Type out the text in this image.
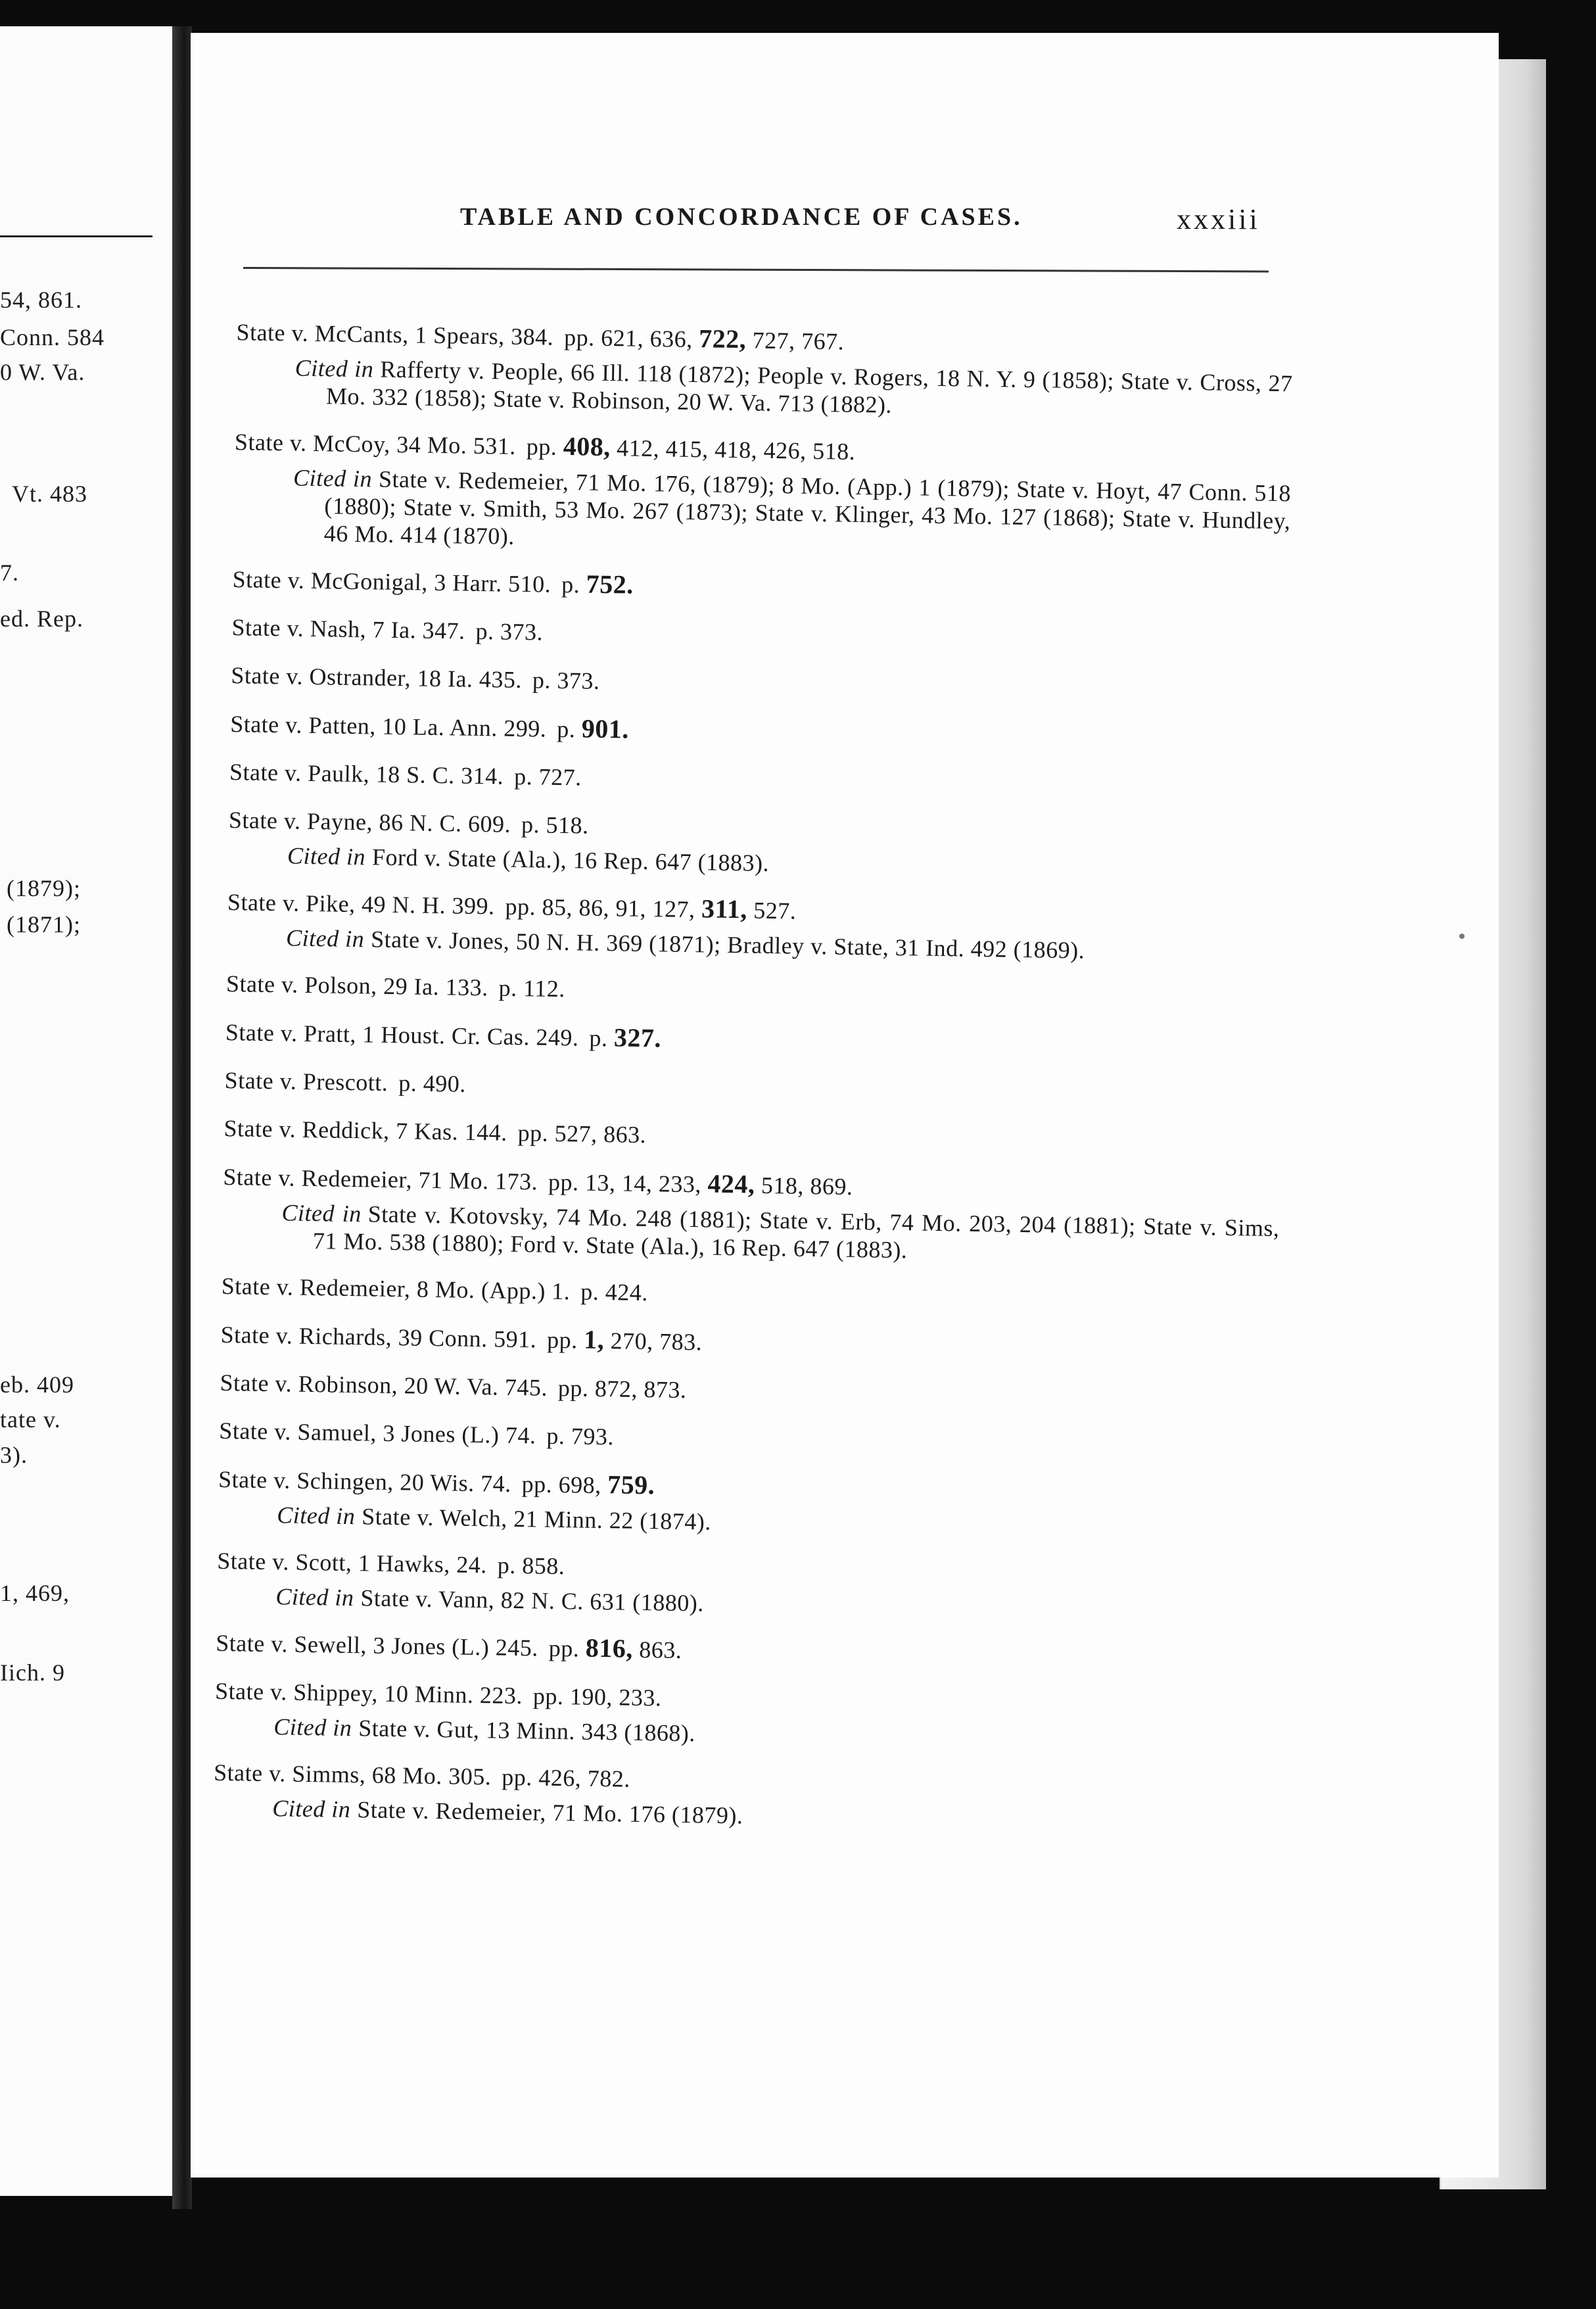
54, 861.
Conn. 584
0 W. Va.
Vt. 483
7.
ed. Rep.
(1879);
(1871);
eb. 409
tate v.
3).
1, 469,
Iich. 9
TABLE AND CONCORDANCE OF CASES.	xxxiii
State v. McCants, 1 Spears, 384. pp. 621, 636, 722, 727, 767.
Cited in Rafferty v. People, 66 Ill. 118 (1872); People v. Rogers, 18 N. Y. 9 (1858); State v. Cross, 27 Mo. 332 (1858); State v. Robinson, 20 W. Va. 713 (1882).
State v. McCoy, 34 Mo. 531. pp. 408, 412, 415, 418, 426, 518.
Cited in State v. Redemeier, 71 Mo. 176, (1879); 8 Mo. (App.) 1 (1879); State v. Hoyt, 47 Conn. 518 (1880); State v. Smith, 53 Mo. 267 (1873); State v. Klinger, 43 Mo. 127 (1868); State v. Hundley, 46 Mo. 414 (1870).
State v. McGonigal, 3 Harr. 510. p. 752.
State v. Nash, 7 Ia. 347. p. 373.
State v. Ostrander, 18 Ia. 435. p. 373.
State v. Patten, 10 La. Ann. 299. p. 901.
State v. Paulk, 18 S. C. 314. p. 727.
State v. Payne, 86 N. C. 609. p. 518.
Cited in Ford v. State (Ala.), 16 Rep. 647 (1883).
State v. Pike, 49 N. H. 399. pp. 85, 86, 91, 127, 311, 527.
Cited in State v. Jones, 50 N. H. 369 (1871); Bradley v. State, 31 Ind. 492 (1869).
State v. Polson, 29 Ia. 133. p. 112.
State v. Pratt, 1 Houst. Cr. Cas. 249. p. 327.
State v. Prescott. p. 490.
State v. Reddick, 7 Kas. 144. pp. 527, 863.
State v. Redemeier, 71 Mo. 173. pp. 13, 14, 233, 424, 518, 869.
Cited in State v. Kotovsky, 74 Mo. 248 (1881); State v. Erb, 74 Mo. 203, 204 (1881); State v. Sims, 71 Mo. 538 (1880); Ford v. State (Ala.), 16 Rep. 647 (1883).
State v. Redemeier, 8 Mo. (App.) 1. p. 424.
State v. Richards, 39 Conn. 591. pp. 1, 270, 783.
State v. Robinson, 20 W. Va. 745. pp. 872, 873.
State v. Samuel, 3 Jones (L.) 74. p. 793.
State v. Schingen, 20 Wis. 74. pp. 698, 759.
Cited in State v. Welch, 21 Minn. 22 (1874).
State v. Scott, 1 Hawks, 24. p. 858.
Cited in State v. Vann, 82 N. C. 631 (1880).
State v. Sewell, 3 Jones (L.) 245. pp. 816, 863.
State v. Shippey, 10 Minn. 223. pp. 190, 233.
Cited in State v. Gut, 13 Minn. 343 (1868).
State v. Simms, 68 Mo. 305. pp. 426, 782.
Cited in State v. Redemeier, 71 Mo. 176 (1879).
